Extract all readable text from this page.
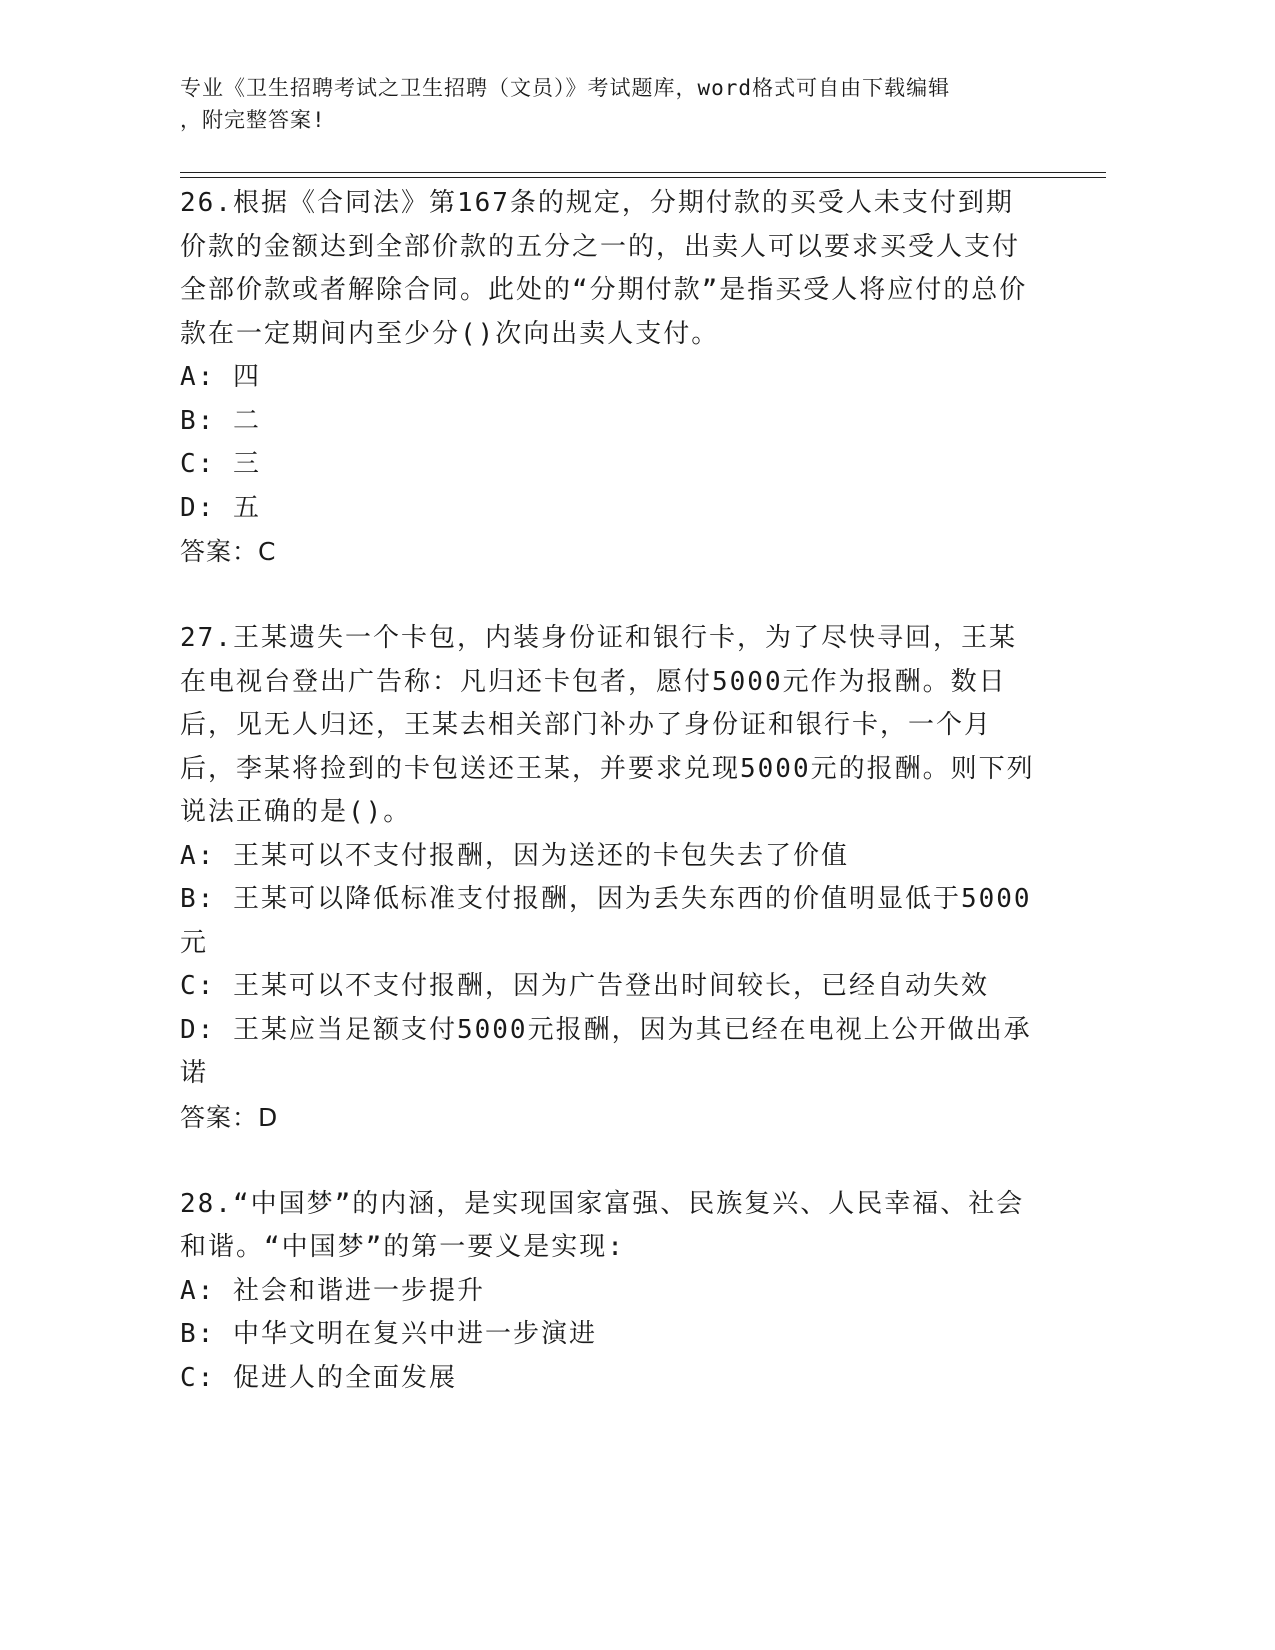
专业《卫生招聘考试之卫生招聘（文员）》考试题库，word格式可自由下载编辑
，附完整答案!

26.根据《合同法》第167条的规定，分期付款的买受人未支付到期价款的金额达到全部价款的五分之一的，出卖人可以要求买受人支付全部价款或者解除合同。此处的“分期付款”是指买受人将应付的总价款在一定期间内至少分()次向出卖人支付。

A: 四

B: 二

C: 三

D: 五

答案：C

27.王某遗失一个卡包，内装身份证和银行卡，为了尽快寻回，王某在电视台登出广告称：凡归还卡包者，愿付5000元作为报酬。数日后，见无人归还，王某去相关部门补办了身份证和银行卡，一个月后，李某将捡到的卡包送还王某，并要求兑现5000元的报酬。则下列说法正确的是()。

A: 王某可以不支付报酬，因为送还的卡包失去了价值

B: 王某可以降低标准支付报酬，因为丢失东西的价值明显低于5000元

C: 王某可以不支付报酬，因为广告登出时间较长，已经自动失效

D: 王某应当足额支付5000元报酬，因为其已经在电视上公开做出承诺

答案：D

28.“中国梦”的内涵，是实现国家富强、民族复兴、人民幸福、社会和谐。“中国梦”的第一要义是实现:

A: 社会和谐进一步提升

B: 中华文明在复兴中进一步演进

C: 促进人的全面发展
